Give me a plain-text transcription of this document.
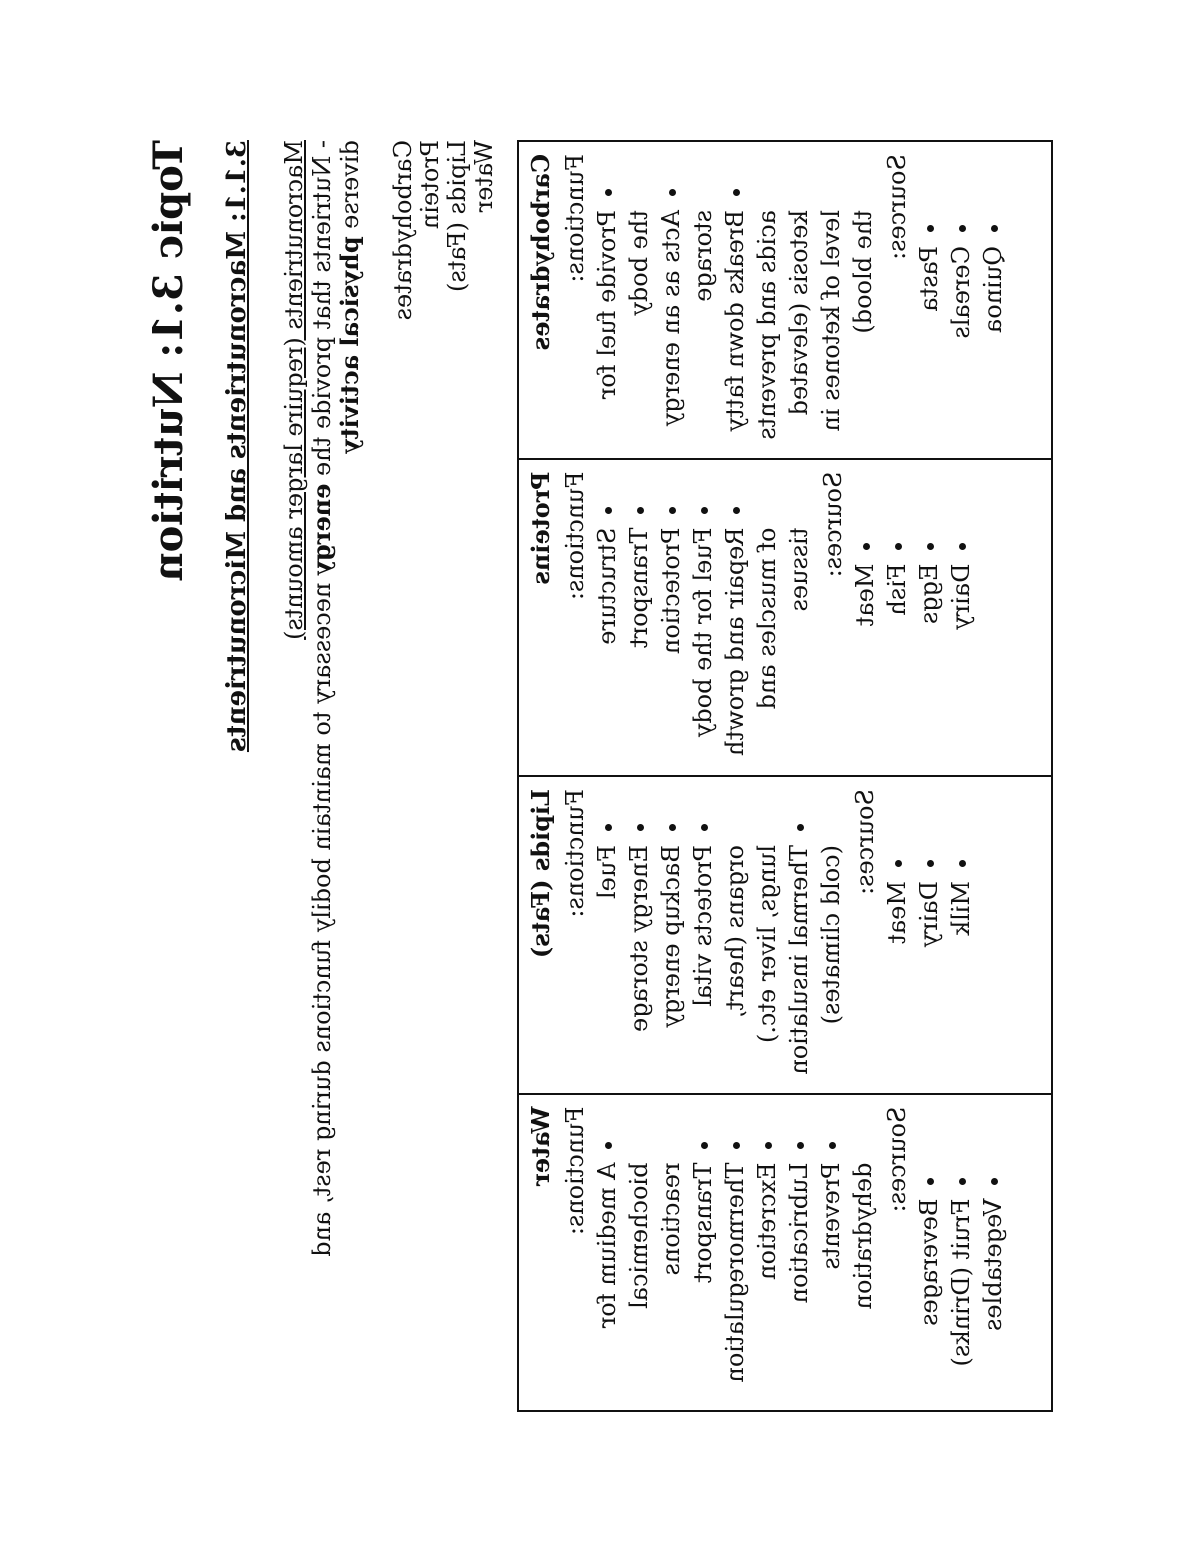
Topic 3.1: Nutrition 3.1.1: Macronutrients and Micronutrients Macronutrients (require larger amounts) - Nutrients that provide the energy necessary to maintain bodily functions during rest, and
diverse physical activity
Carbohydrates Protein Lipids (Fats) Water Carbohydrates Functions: • Provide fuel for the body • Acts as an energy storage • Breaks down fatty acids and prevents ketosis (elevated level of ketones in the blood)
Sources:
• Pasta • Cereals • Quinoa

Proteins Functions: • Structure • Transport • Protection • Fuel for the body • Repair and growth of muscles and tissues Sources:
• Meat • Fish • Eggs • Dairy

Lipids (Fats) Functions: • Fuel • Energy storage • Backup energy • Protects vital organs (heart, lungs, liver etc.) • Thermal insulation (cold climates)
Sources:
• Meat • Dairy • Milk

Water Functions: • A medium for biochemical reactions • Transport • Thermoregulation • Excretion • Lubrication • Prevents dehydration
Sources:
• Beverages • Fruit (Drinks) • Vegetables
